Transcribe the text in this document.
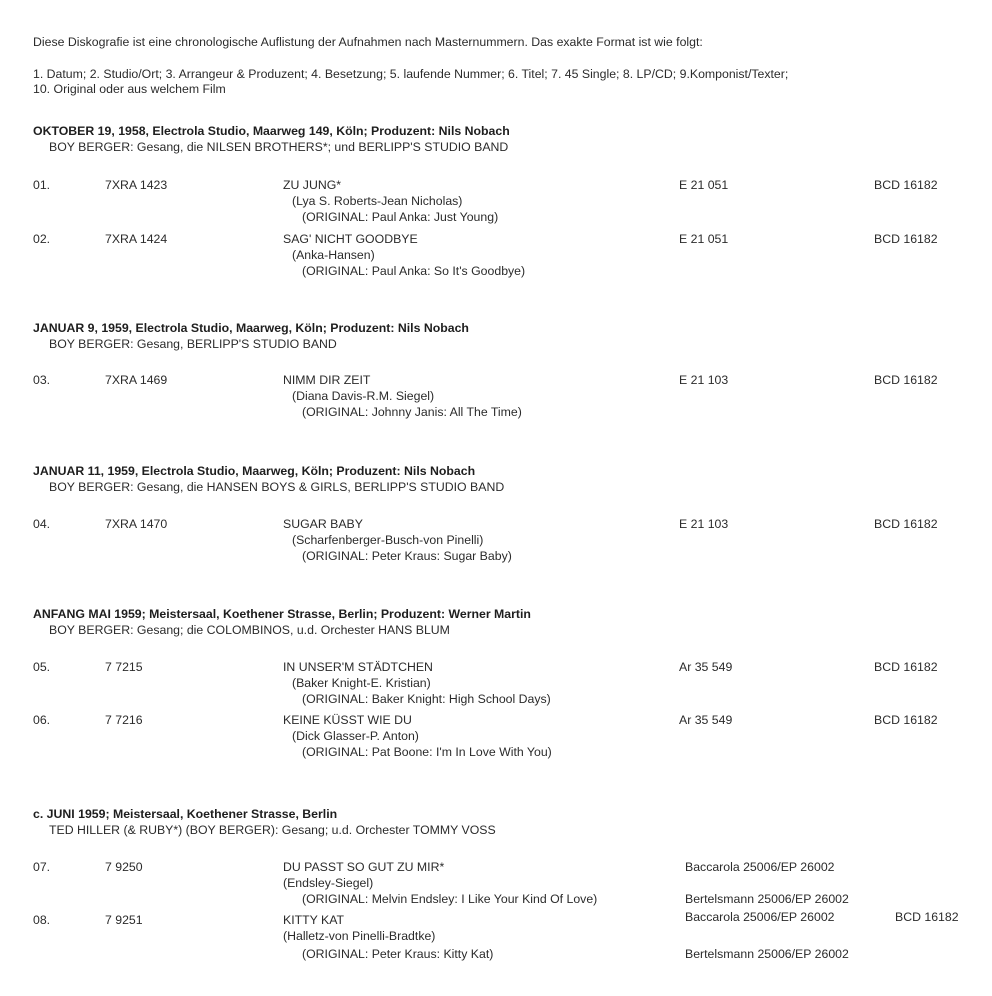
Diese Diskografie ist eine chronologische Auflistung der Aufnahmen nach Masternummern. Das exakte Format ist wie folgt:
1. Datum; 2. Studio/Ort; 3. Arrangeur & Produzent; 4. Besetzung; 5. laufende Nummer; 6. Titel; 7. 45 Single; 8. LP/CD; 9.Komponist/Texter;
10. Original oder aus welchem Film
OKTOBER 19, 1958, Electrola Studio, Maarweg 149, Köln; Produzent: Nils Nobach
BOY BERGER: Gesang, die NILSEN BROTHERS*; und BERLIPP'S STUDIO BAND
01.	7XRA 1423	ZU JUNG*
(Lya S. Roberts-Jean Nicholas)
(ORIGINAL: Paul Anka: Just Young)
E 21 051	BCD 16182
02.	7XRA 1424	SAG' NICHT GOODBYE
(Anka-Hansen)
(ORIGINAL: Paul Anka: So It's Goodbye)
E 21 051	BCD 16182
JANUAR 9, 1959, Electrola Studio, Maarweg, Köln; Produzent: Nils Nobach
BOY BERGER: Gesang, BERLIPP'S STUDIO BAND
03.	7XRA 1469	NIMM DIR ZEIT
(Diana Davis-R.M. Siegel)
(ORIGINAL: Johnny Janis: All The Time)
E 21 103	BCD 16182
JANUAR 11, 1959, Electrola Studio, Maarweg, Köln; Produzent: Nils Nobach
BOY BERGER: Gesang, die HANSEN BOYS & GIRLS, BERLIPP'S STUDIO BAND
04.	7XRA 1470	SUGAR BABY
(Scharfenberger-Busch-von Pinelli)
(ORIGINAL: Peter Kraus: Sugar Baby)
E 21 103	BCD 16182
ANFANG MAI 1959; Meistersaal, Koethener Strasse, Berlin; Produzent: Werner Martin
BOY BERGER: Gesang; die COLOMBINOS, u.d. Orchester HANS BLUM
05.	7 7215	IN UNSER'M STÄDTCHEN
(Baker Knight-E. Kristian)
(ORIGINAL: Baker Knight: High School Days)
Ar 35 549	BCD 16182
06.	7 7216	KEINE KÜSST WIE DU
(Dick Glasser-P. Anton)
(ORIGINAL: Pat Boone: I'm In Love With You)
Ar 35 549	BCD 16182
c. JUNI 1959; Meistersaal, Koethener Strasse, Berlin
TED HILLER (& RUBY*) (BOY BERGER): Gesang; u.d. Orchester TOMMY VOSS
07.	7 9250	DU PASST SO GUT ZU MIR*
(Endsley-Siegel)
(ORIGINAL: Melvin Endsley: I Like Your Kind Of Love)
Baccarola 25006/EP 26002
Bertelsmann 25006/EP 26002
08.	7 9251	KITTY KAT
(Halletz-von Pinelli-Bradtke)
(ORIGINAL: Peter Kraus: Kitty Kat)
Baccarola 25006/EP 26002	BCD 16182
Bertelsmann 25006/EP 26002
